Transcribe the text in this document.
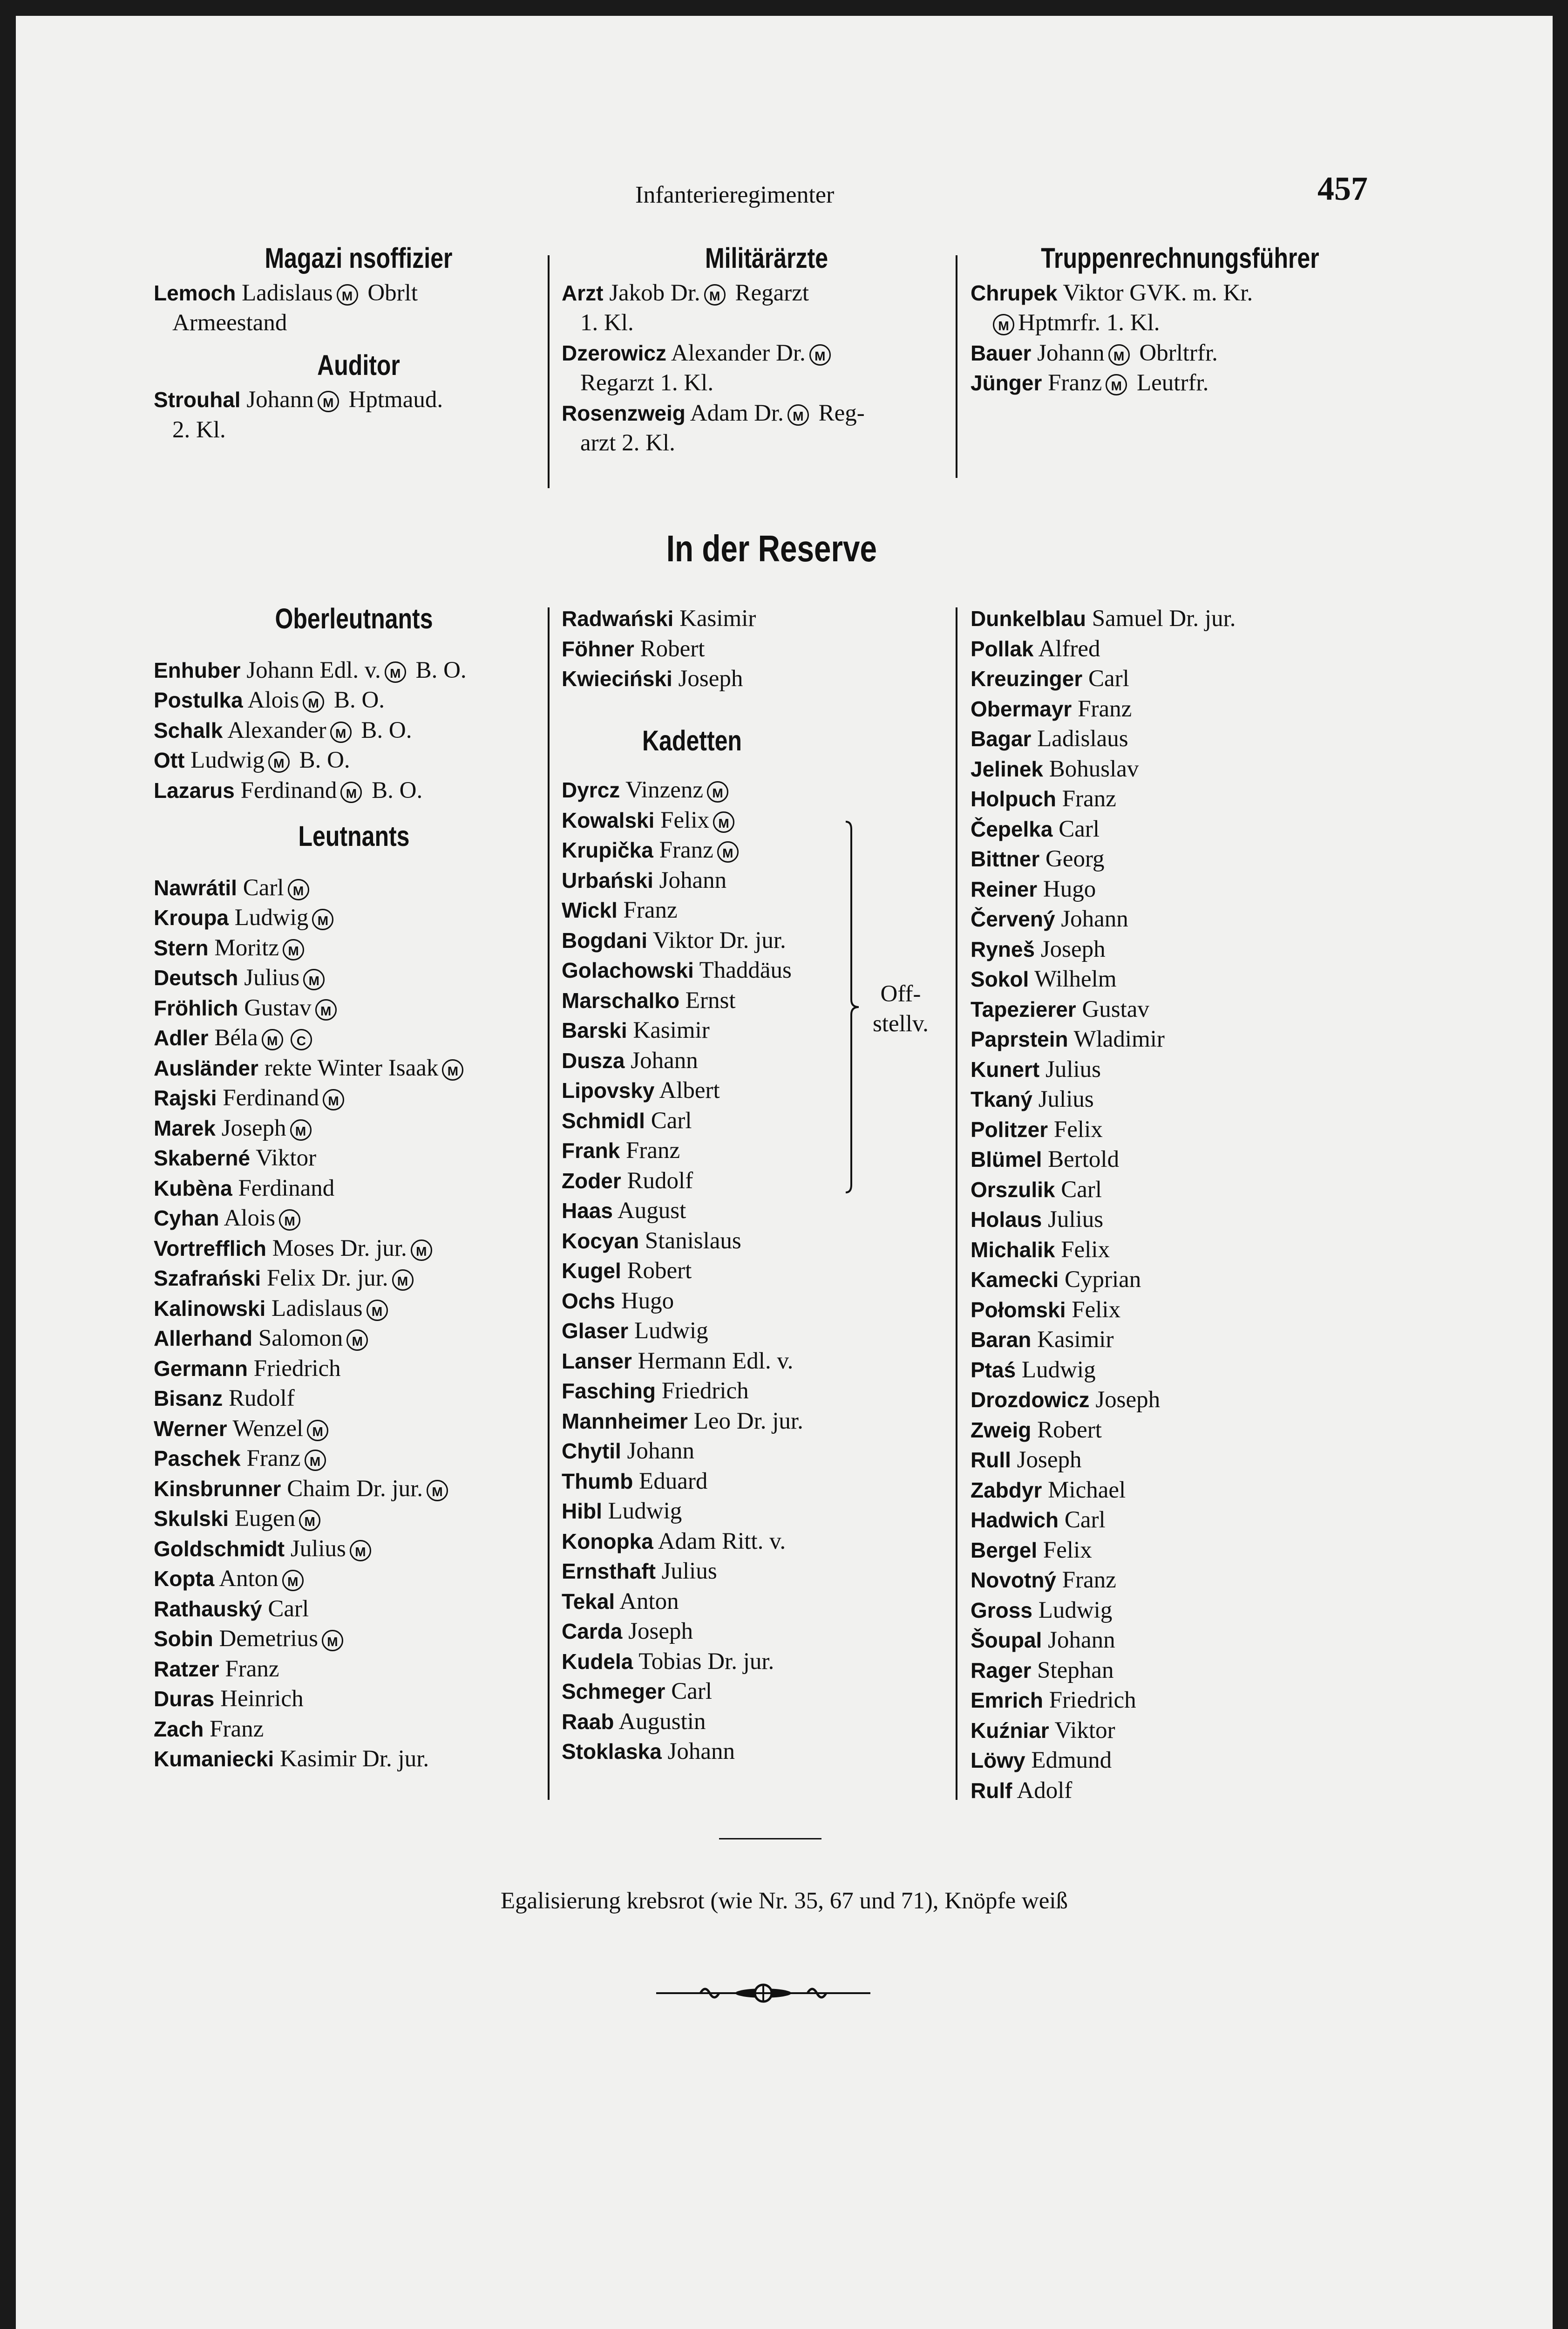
Infanterieregimenter	457
Magazi nsoffizier
Lemoch Ladislaus M Obrlt
Armeestand
Auditor
Strouhal Johann M Hptmaud.
2. Kl.
Militärärzte
Arzt Jakob Dr. M Regarzt
1. Kl.
Dzerowicz Alexander Dr. M
Regarzt 1. Kl.
Rosenzweig Adam Dr. M Reg-
arzt 2. Kl.
Truppenrechnungsführer
Chrupek Viktor GVK. m. Kr.
M Hptmrfr. 1. Kl.
Bauer Johann M Obrltrfr.
Jünger Franz M Leutrfr.
In der Reserve
Oberleutnants
Enhuber Johann Edl. v. M B. O.
Postulka Alois M B. O.
Schalk Alexander M B. O.
Ott Ludwig M B. O.
Lazarus Ferdinand M B. O.
Leutnants
Nawrátil Carl M
Kroupa Ludwig M
Stern Moritz M
Deutsch Julius M
Fröhlich Gustav M
Adler Béla M C
Ausländer rekte Winter Isaak M
Rajski Ferdinand M
Marek Joseph M
Skaberné Viktor
Kubèna Ferdinand
Cyhan Alois M
Vortrefflich Moses Dr. jur. M
Szafrański Felix Dr. jur. M
Kalinowski Ladislaus M
Allerhand Salomon M
Germann Friedrich
Bisanz Rudolf
Werner Wenzel M
Paschek Franz M
Kinsbrunner Chaim Dr. jur. M
Skulski Eugen M
Goldschmidt Julius M
Kopta Anton M
Rathauský Carl
Sobin Demetrius M
Ratzer Franz
Duras Heinrich
Zach Franz
Kumaniecki Kasimir Dr. jur.
Radwański Kasimir
Föhner Robert
Kwieciński Joseph
Kadetten
Dyrcz Vinzenz M
Kowalski Felix M
Krupička Franz M
Urbański Johann
Wickl Franz
Bogdani Viktor Dr. jur.
Golachowski Thaddäus
Marschalko Ernst
Barski Kasimir
Dusza Johann
Lipovsky Albert
Schmidl Carl
Frank Franz
Zoder Rudolf
Haas August
Kocyan Stanislaus
Kugel Robert
Ochs Hugo
Glaser Ludwig
Lanser Hermann Edl. v.
Fasching Friedrich
Mannheimer Leo Dr. jur.
Chytil Johann
Thumb Eduard
Hibl Ludwig
Konopka Adam Ritt. v.
Ernsthaft Julius
Tekal Anton
Carda Joseph
Kudela Tobias Dr. jur.
Schmeger Carl
Raab Augustin
Stoklaska Johann
Off-
stellv.
Dunkelblau Samuel Dr. jur.
Pollak Alfred
Kreuzinger Carl
Obermayr Franz
Bagar Ladislaus
Jelinek Bohuslav
Holpuch Franz
Čepelka Carl
Bittner Georg
Reiner Hugo
Červený Johann
Ryneš Joseph
Sokol Wilhelm
Tapezierer Gustav
Paprstein Wladimir
Kunert Julius
Tkaný Julius
Politzer Felix
Blümel Bertold
Orszulik Carl
Holaus Julius
Michalik Felix
Kamecki Cyprian
Połomski Felix
Baran Kasimir
Ptaś Ludwig
Drozdowicz Joseph
Zweig Robert
Rull Joseph
Zabdyr Michael
Hadwich Carl
Bergel Felix
Novotný Franz
Gross Ludwig
Šoupal Johann
Rager Stephan
Emrich Friedrich
Kuźniar Viktor
Löwy Edmund
Rulf Adolf
Egalisierung krebsrot (wie Nr. 35, 67 und 71), Knöpfe weiß
